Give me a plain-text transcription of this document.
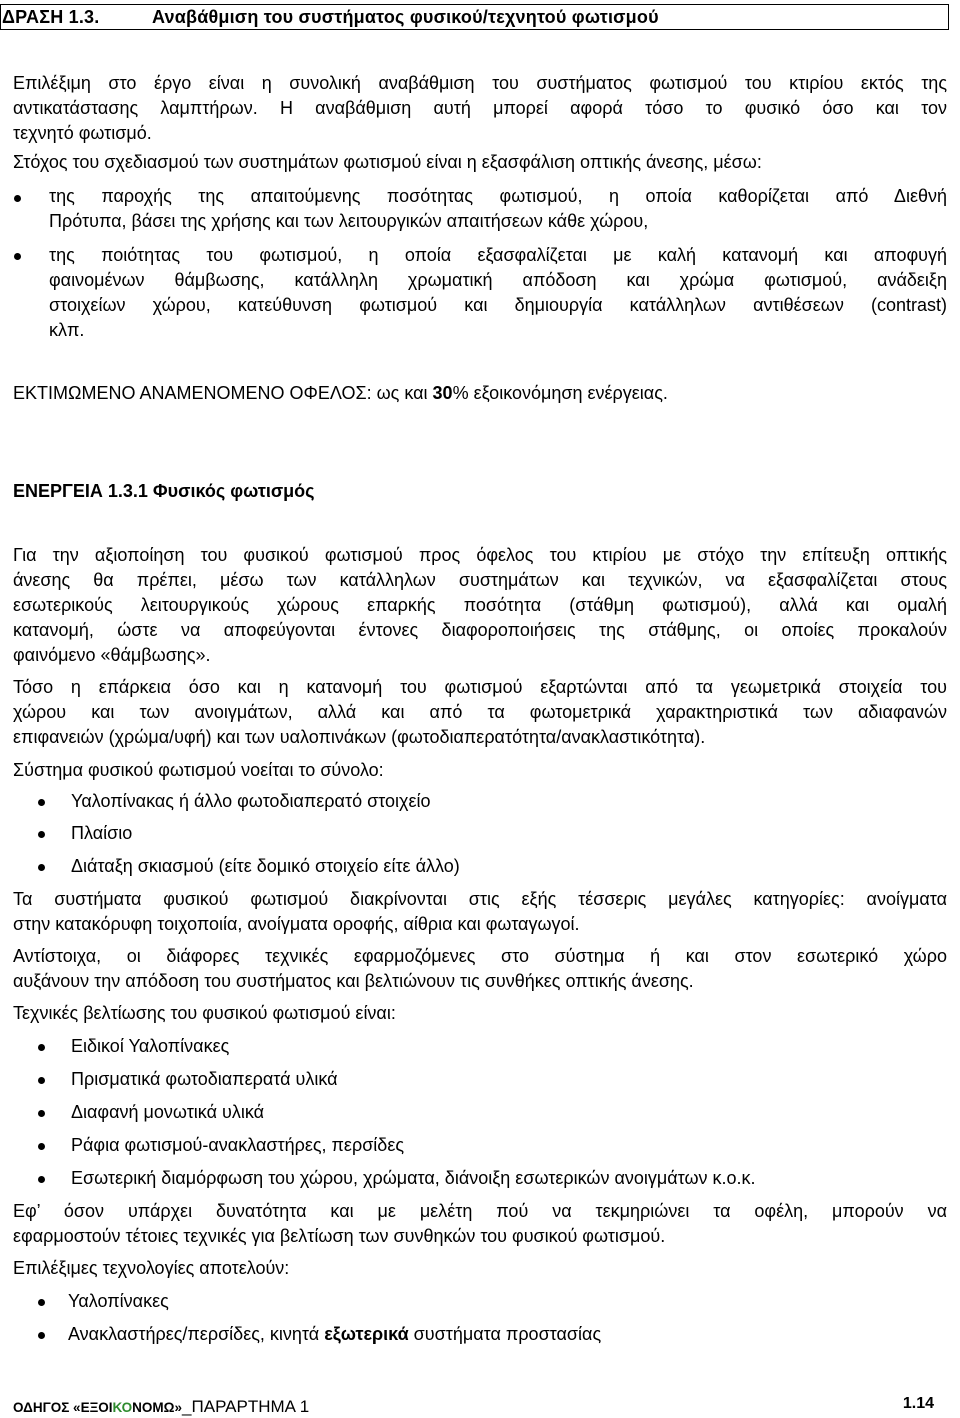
ΔΡΑΣΗ 1.3.	Αναβάθμιση του συστήματος φυσικού/τεχνητού φωτισμού
Επιλέξιμη στο έργο είναι η συνολική αναβάθμιση του συστήματος φωτισμού του κτιρίου εκτός της
αντικατάστασης λαμπτήρων. Η αναβάθμιση αυτή μπορεί αφορά τόσο το φυσικό όσο και τον
τεχνητό φωτισμό.
Στόχος του σχεδιασμού των συστημάτων φωτισμού είναι η εξασφάλιση οπτικής άνεσης, μέσω:
της παροχής της απαιτούμενης ποσότητας φωτισμού, η οποία καθορίζεται από Διεθνή
Πρότυπα, βάσει της χρήσης και των λειτουργικών απαιτήσεων κάθε χώρου,
της ποιότητας του φωτισμού, η οποία εξασφαλίζεται με καλή κατανομή και αποφυγή
φαινομένων θάμβωσης, κατάλληλη χρωματική απόδοση και χρώμα φωτισμού, ανάδειξη
στοιχείων χώρου, κατεύθυνση φωτισμού και δημιουργία κατάλληλων αντιθέσεων (contrast)
κλπ.
ΕΚΤΙΜΩΜΕΝΟ ΑΝΑΜΕΝΟΜΕΝΟ ΟΦΕΛΟΣ: ως και 30% εξοικονόμηση ενέργειας.
ΕΝΕΡΓΕΙΑ 1.3.1 Φυσικός φωτισμός
Για την αξιοποίηση του φυσικού φωτισμού προς όφελος του κτιρίου με στόχο την επίτευξη οπτικής
άνεσης θα πρέπει, μέσω των κατάλληλων συστημάτων και τεχνικών, να εξασφαλίζεται στους
εσωτερικούς λειτουργικούς χώρους επαρκής ποσότητα (στάθμη φωτισμού), αλλά και ομαλή
κατανομή, ώστε να αποφεύγονται έντονες διαφοροποιήσεις της στάθμης, οι οποίες προκαλούν
φαινόμενο «θάμβωσης».
Τόσο η επάρκεια όσο και η κατανομή του φωτισμού εξαρτώνται από τα γεωμετρικά στοιχεία του
χώρου και των ανοιγμάτων, αλλά και από τα φωτομετρικά χαρακτηριστικά των αδιαφανών
επιφανειών (χρώμα/υφή) και των υαλοπινάκων (φωτοδιαπερατότητα/ανακλαστικότητα).
Σύστημα φυσικού φωτισμού νοείται το σύνολο:
Υαλοπίνακας ή άλλο φωτοδιαπερατό στοιχείο
Πλαίσιο
Διάταξη σκιασμού (είτε δομικό στοιχείο είτε άλλο)
Τα συστήματα φυσικού φωτισμού διακρίνονται στις εξής τέσσερις μεγάλες κατηγορίες: ανοίγματα
στην κατακόρυφη τοιχοποιία, ανοίγματα οροφής, αίθρια και φωταγωγοί.
Αντίστοιχα, οι διάφορες τεχνικές εφαρμοζόμενες στο σύστημα ή και στον εσωτερικό χώρο
αυξάνουν την απόδοση του συστήματος και βελτιώνουν τις συνθήκες οπτικής άνεσης.
Τεχνικές βελτίωσης του φυσικού φωτισμού είναι:
Ειδικοί Υαλοπίνακες
Πρισματικά φωτοδιαπερατά υλικά
Διαφανή μονωτικά υλικά
Ράφια φωτισμού-ανακλαστήρες, περσίδες
Εσωτερική διαμόρφωση του χώρου, χρώματα, διάνοιξη εσωτερικών ανοιγμάτων κ.ο.κ.
Εφ’ όσον υπάρχει δυνατότητα και με μελέτη πού να τεκμηριώνει τα οφέλη, μπορούν να
εφαρμοστούν τέτοιες τεχνικές για βελτίωση των συνθηκών του φυσικού φωτισμού.
Επιλέξιμες τεχνολογίες αποτελούν:
Υαλοπίνακες
Ανακλαστήρες/περσίδες, κινητά εξωτερικά συστήματα προστασίας
ΟΔΗΓΟΣ «ΕΞΟΙΚΟΝΟΜΩ»_ΠΑΡΑΡΤΗΜΑ 1	1.14
